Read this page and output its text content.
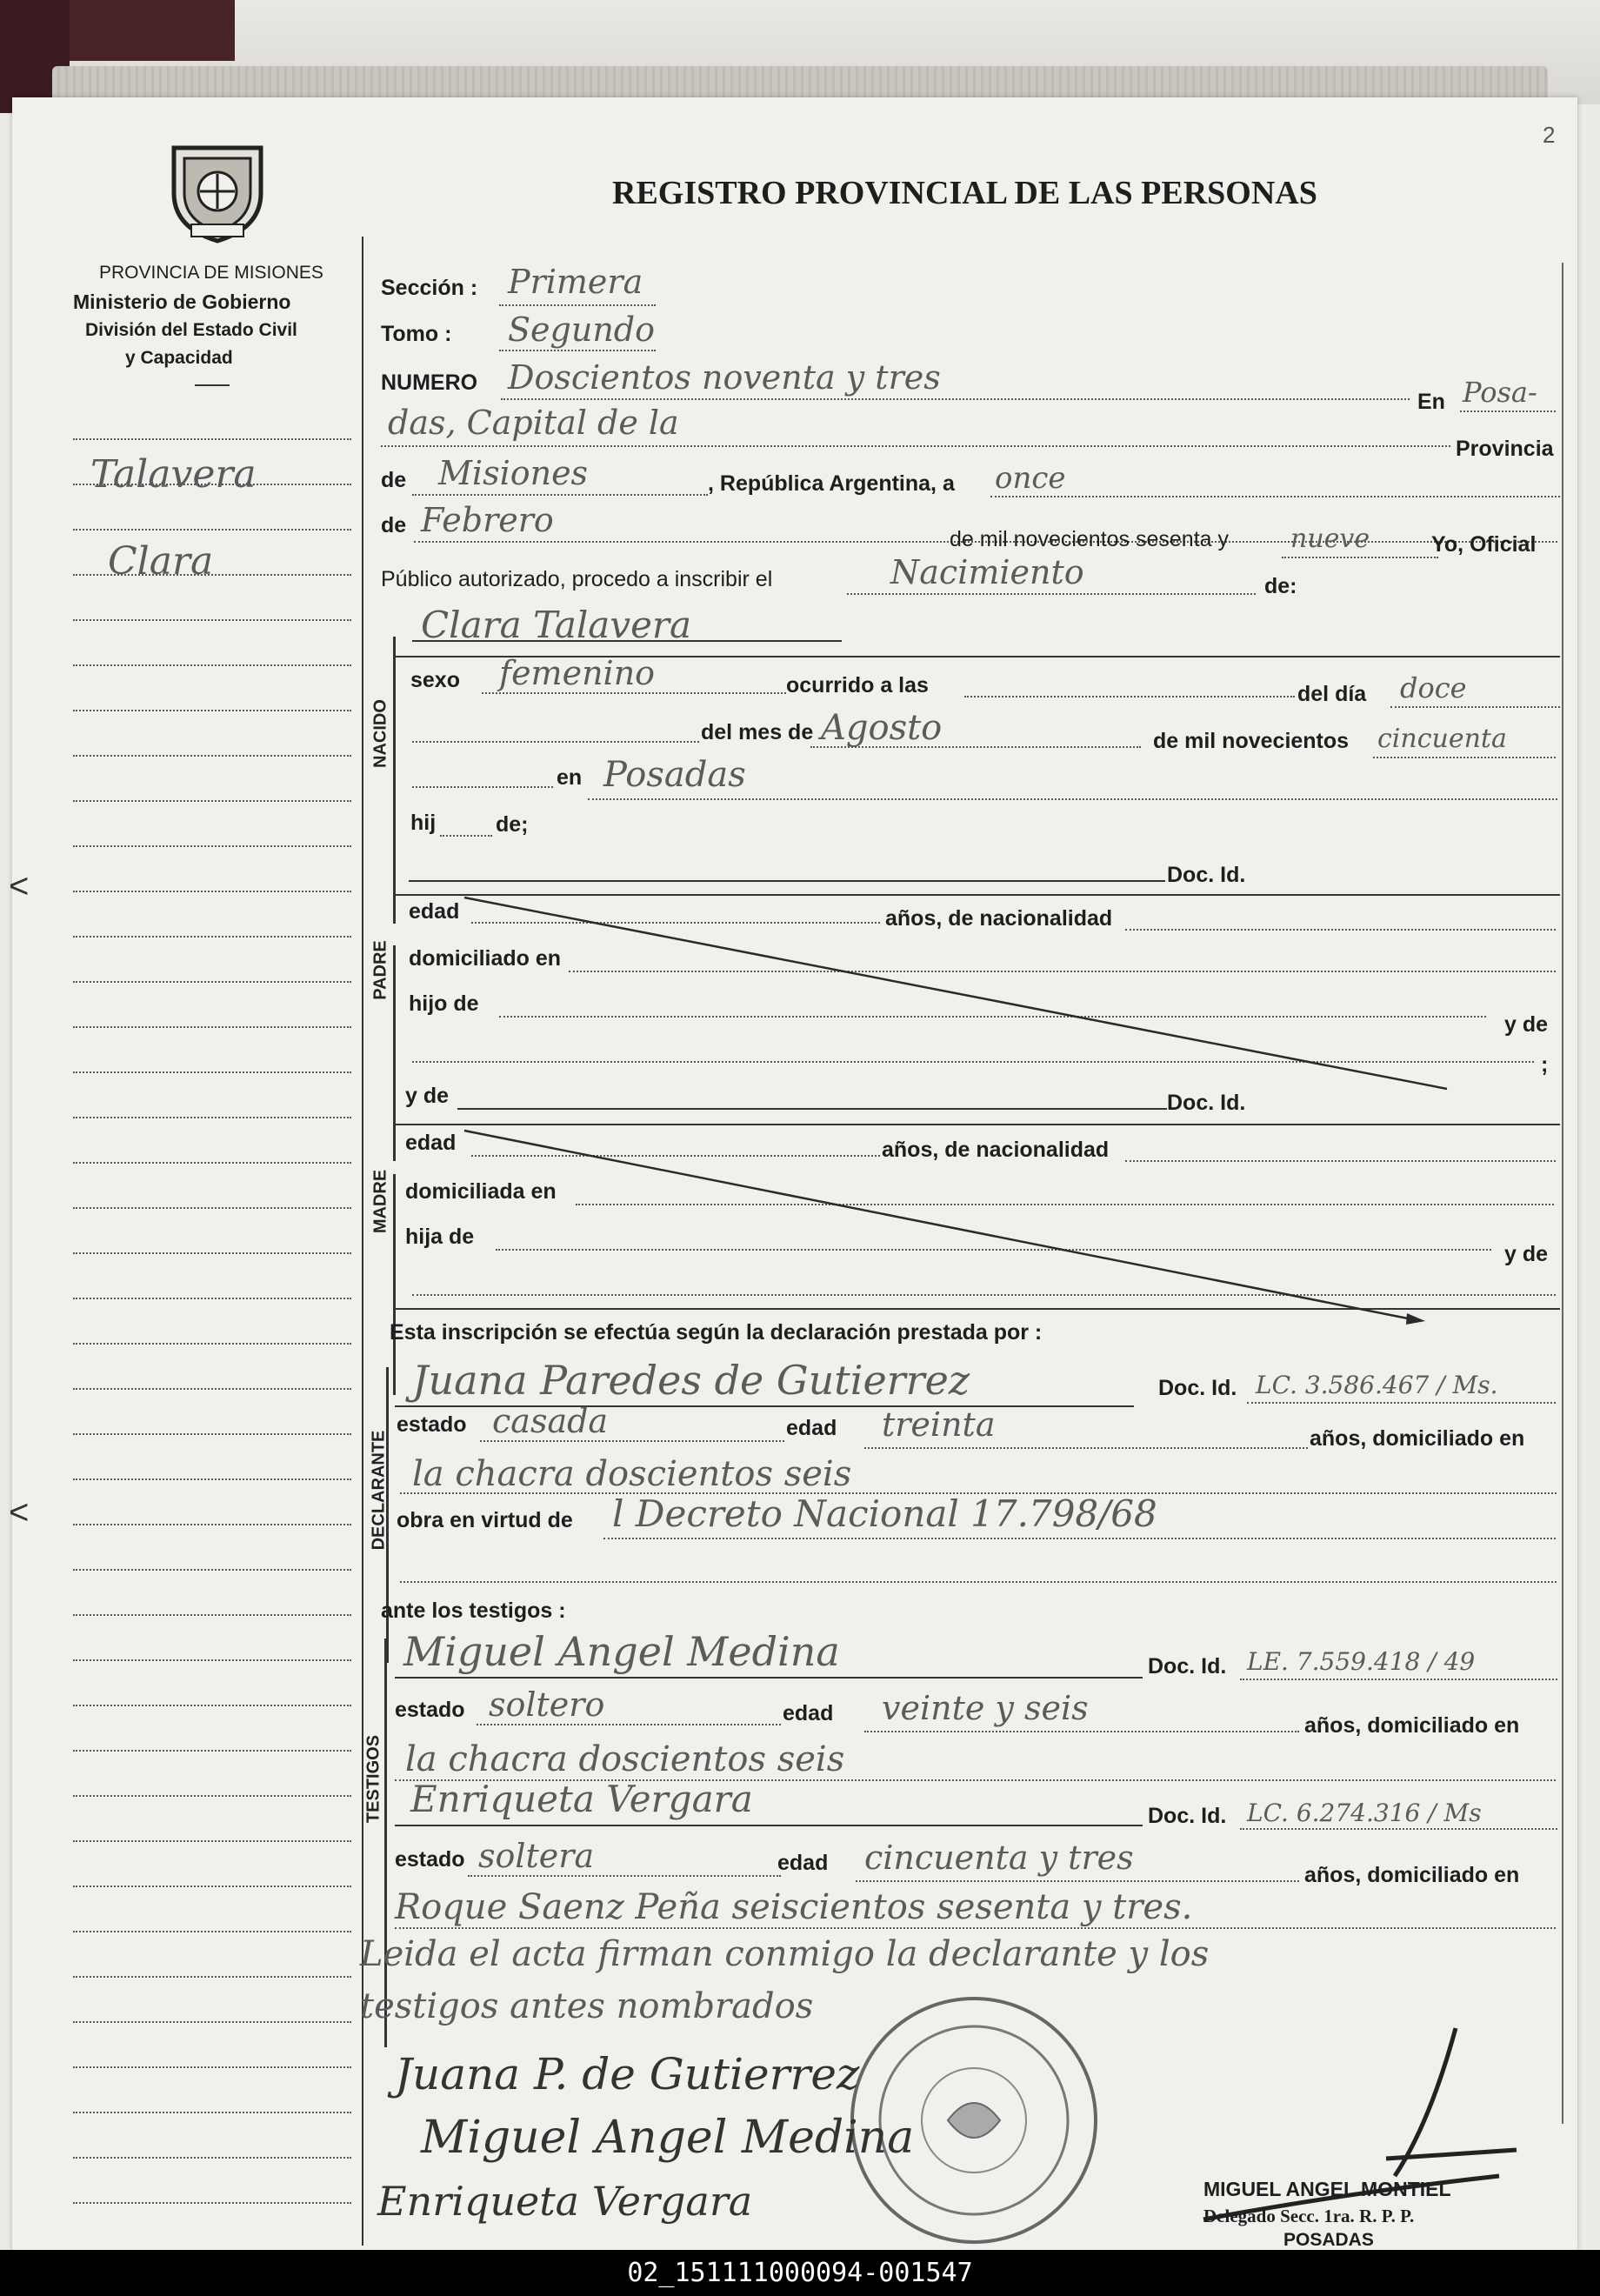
2
REGISTRO PROVINCIAL DE LAS PERSONAS
PROVINCIA DE MISIONES
Ministerio de Gobierno
División del Estado Civil
y Capacidad
Talavera
Clara
<
<
Sección : Primera
Tomo : Segundo
NUMERO Doscientos noventa y tres
En Posa-
das, Capital de la
Provincia
de Misiones	, República Argentina, a once
de Febrero	de mil novecientos sesenta y nueve	Yo, Oficial
Público autorizado, procedo a inscribir el	Nacimiento	de:
Clara Talavera
NACIDO
sexo femenino	ocurrido a las	del día doce
del mes de Agosto	de mil novecientos cincuenta
en Posadas
hij	de;
PADRE
Doc. Id.
edad	años, de nacionalidad
domiciliado en
hijo de
y de
;
MADRE
y de	Doc. Id.
edad	años, de nacionalidad
domiciliada en
hija de
y de
Esta inscripción se efectúa según la declaración prestada por :
DECLARANTE
Juana Paredes de Gutierrez	Doc. Id. LC. 3.586.467 / Ms.
estado casada	edad treinta	años, domiciliado en
la chacra doscientos seis
obra en virtud de l Decreto Nacional 17.798/68
ante los testigos :
TESTIGOS
Miguel Angel Medina	Doc. Id. LE. 7.559.418 / 49
estado soltero	edad veinte y seis	años, domiciliado en
la chacra doscientos seis
Enriqueta Vergara	Doc. Id. LC. 6.274.316 / Ms
estado soltera	edad cincuenta y tres	años, domiciliado en
Roque Saenz Peña seiscientos sesenta y tres.
Leida el acta firman conmigo la declarante y los
testigos antes nombrados
Juana P. de Gutierrez
Miguel Angel Medina
Enriqueta Vergara	MIGUEL ANGEL MONTIEL
Delegado Secc. 1ra. R. P. P.
POSADAS
02_151111000094-001547
